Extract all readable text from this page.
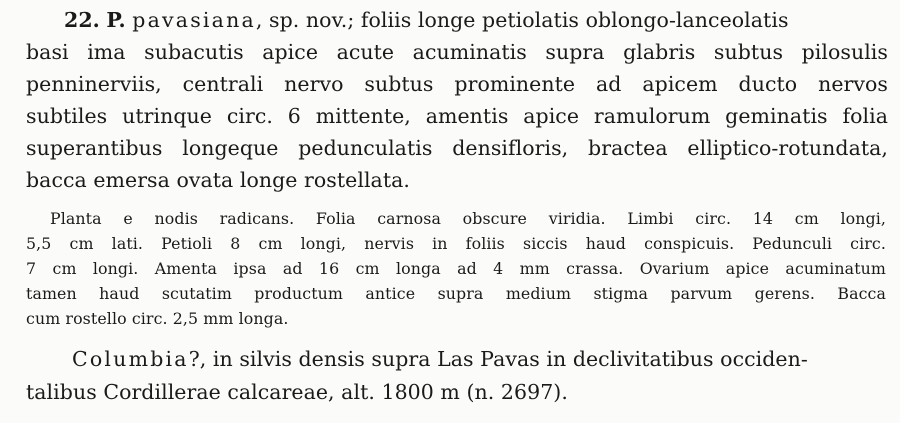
22. P. pavasiana, sp. nov.; foliis longe petiolatis oblongo-lanceolatis
basi ima subacutis apice acute acuminatis supra glabris subtus pilosulis
penninerviis, centrali nervo subtus prominente ad apicem ducto nervos
subtiles utrinque circ. 6 mittente, amentis apice ramulorum geminatis folia
superantibus longeque pedunculatis densifloris, bractea elliptico-rotundata,
bacca emersa ovata longe rostellata.
Planta e nodis radicans. Folia carnosa obscure viridia. Limbi circ. 14 cm longi,
5,5 cm lati. Petioli 8 cm longi, nervis in foliis siccis haud conspicuis. Pedunculi circ.
7 cm longi. Amenta ipsa ad 16 cm longa ad 4 mm crassa. Ovarium apice acuminatum
tamen haud scutatim productum antice supra medium stigma parvum gerens. Bacca
cum rostello circ. 2,5 mm longa.
Columbia?, in silvis densis supra Las Pavas in declivitatibus occiden-
talibus Cordillerae calcareae, alt. 1800 m (n. 2697).
